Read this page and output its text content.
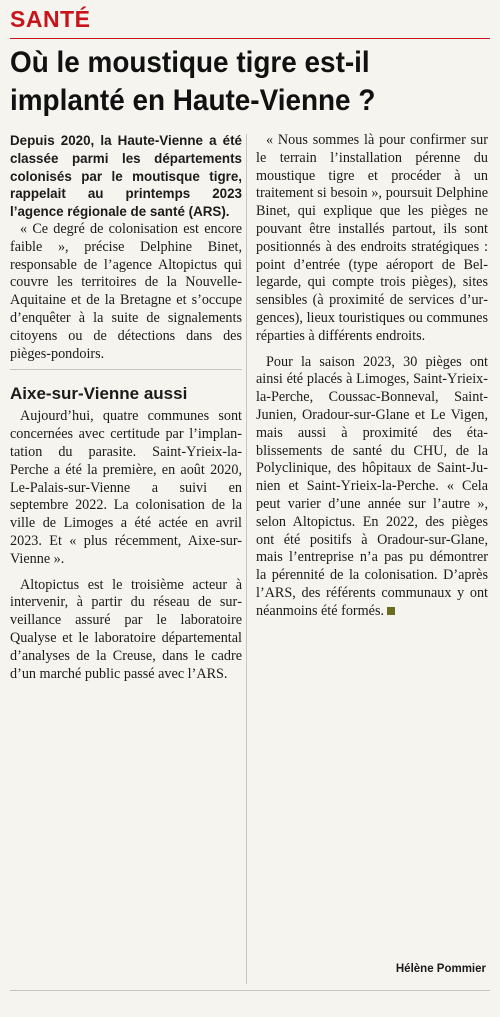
SANTÉ
Où le moustique tigre est-il
implanté en Haute-Vienne ?

Depuis 2020, la Haute-Vienne a été classée parmi les départements colonisés par le moutisque tigre, rappelait au printemps 2023 l’agence régionale de santé (ARS).

« Ce degré de colonisation est encore faible », précise Delphine Binet, responsable de l’agence Altopictus qui couvre les territoires de la Nouvelle-Aquitaine et de la Bretagne et s’occupe d’enquêter à la suite de signalements citoyens ou de détections dans des pièges-pondoirs.

Aixe-sur-Vienne aussi

Aujourd’hui, quatre communes sont concernées avec certitude par l’implantation du parasite. Saint-Yrieix-la-Perche a été la première, en août 2020, Le-Palais-sur-Vienne a suivi en septembre 2022. La colonisation de la ville de Limoges a été actée en avril 2023. Et « plus récemment, Aixe-sur-Vienne ».

Altopictus est le troisième acteur à intervenir, à partir du réseau de surveillance assuré par le laboratoire Qualyse et le laboratoire départemental d’analyses de la Creuse, dans le cadre d’un marché public passé avec l’ARS.

« Nous sommes là pour confirmer sur le terrain l’installation pérenne du moustique tigre et procéder à un traitement si besoin », poursuit Delphine Binet, qui explique que les pièges ne pouvant être installés partout, ils sont positionnés à des endroits stratégiques : point d’entrée (type aéroport de Bellegarde, qui compte trois pièges), sites sensibles (à proximité de services d’urgences), lieux touristiques ou communes réparties à différents endroits.

Pour la saison 2023, 30 pièges ont ainsi été placés à Limoges, Saint-Yrieix-la-Perche, Coussac-Bonneval, Saint-Junien, Oradour-sur-Glane et Le Vigen, mais aussi à proximité des établissements de santé du CHU, de la Polyclinique, des hôpitaux de Saint-Junien et Saint-Yrieix-la-Perche. « Cela peut varier d’une année sur l’autre », selon Altopictus. En 2022, des pièges ont été positifs à Oradour-sur-Glane, mais l’entreprise n’a pas pu démontrer la pérennité de la colonisation. D’après l’ARS, des référents communaux y ont néanmoins été formés.

Hélène Pommier
